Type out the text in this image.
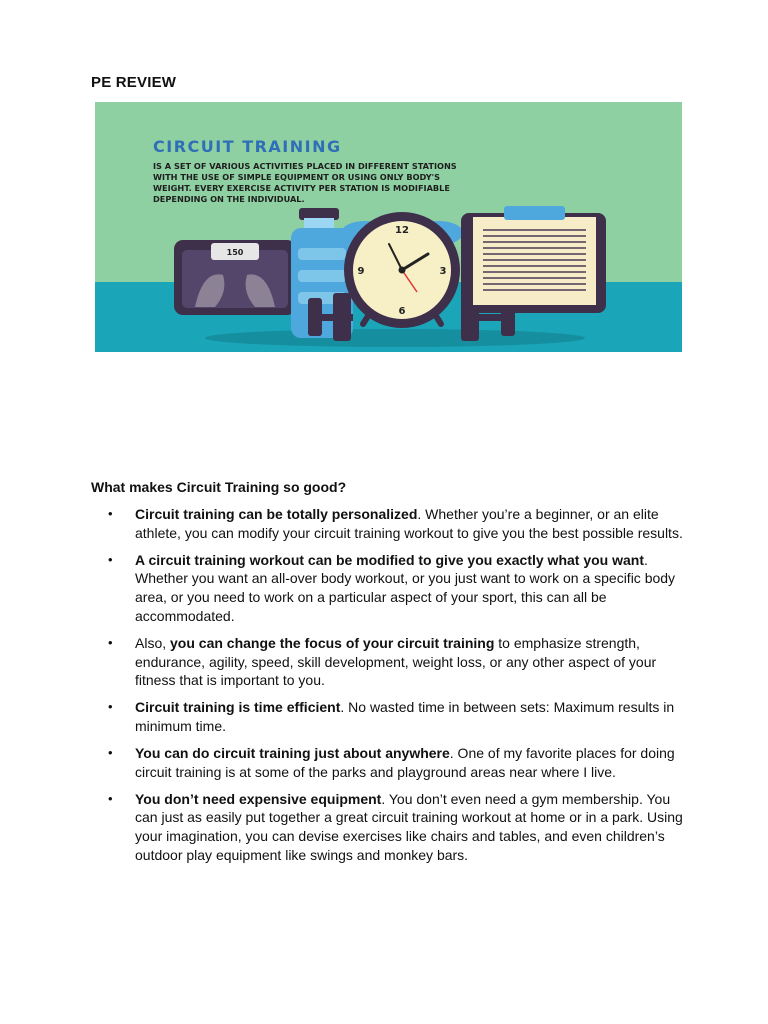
PE REVIEW
CIRCUIT TRAINING
IS A SET OF VARIOUS ACTIVITIES PLACED IN DIFFERENT STATIONS
WITH THE USE OF SIMPLE EQUIPMENT OR USING ONLY BODY'S
WEIGHT. EVERY EXERCISE ACTIVITY PER STATION IS MODIFIABLE
DEPENDING ON THE INDIVIDUAL.
150
12
3
6
9
What makes Circuit Training so good?
• Circuit training can be totally personalized. Whether you’re a beginner, or an elite athlete, you can modify your circuit training workout to give you the best possible results.
• A circuit training workout can be modified to give you exactly what you want. Whether you want an all-over body workout, or you just want to work on a specific body area, or you need to work on a particular aspect of your sport, this can all be accommodated.
• Also, you can change the focus of your circuit training to emphasize strength, endurance, agility, speed, skill development, weight loss, or any other aspect of your fitness that is important to you.
• Circuit training is time efficient. No wasted time in between sets: Maximum results in minimum time.
• You can do circuit training just about anywhere. One of my favorite places for doing circuit training is at some of the parks and playground areas near where I live.
• You don’t need expensive equipment. You don’t even need a gym membership. You can just as easily put together a great circuit training workout at home or in a park. Using your imagination, you can devise exercises like chairs and tables, and even children’s outdoor play equipment like swings and monkey bars.
